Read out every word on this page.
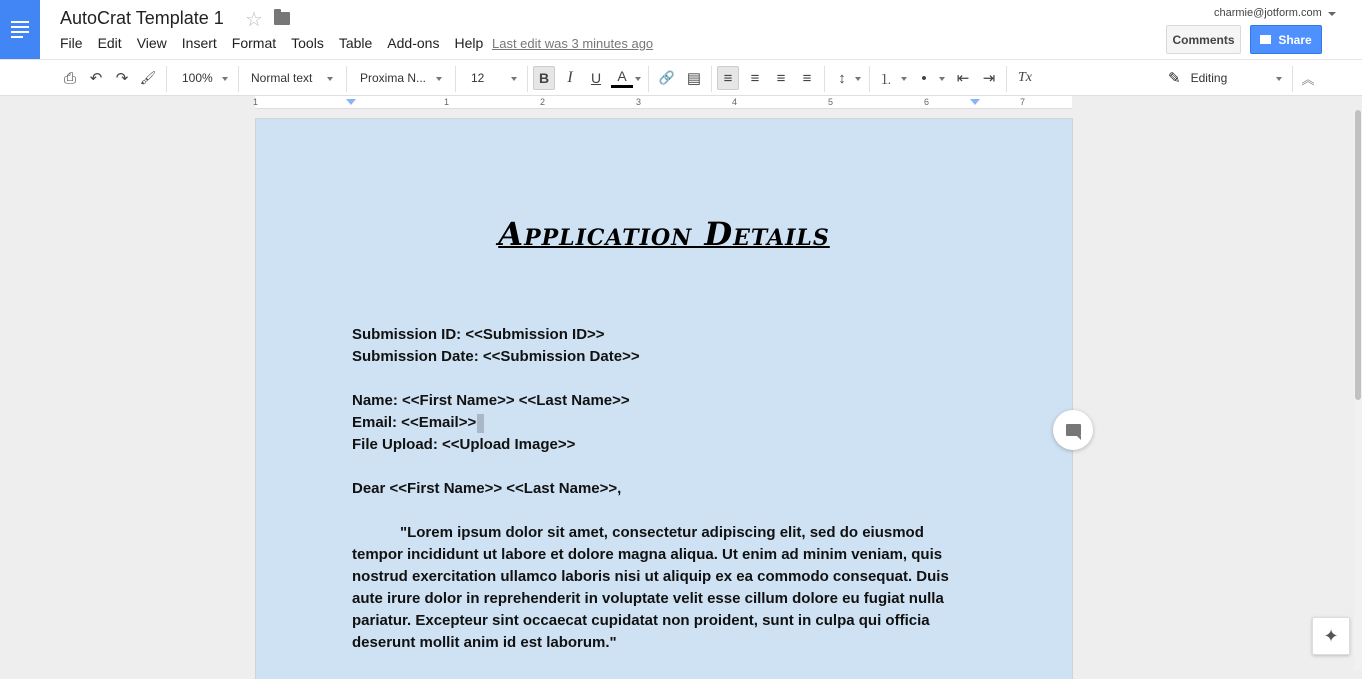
AutoCrat Template 1 ☆
File Edit View Insert Format Tools Table Add-ons Help Last edit was 3 minutes ago
charmie@jotform.com
Comments	Share
⎙ ↶ ↷ 🖌 100%	Normal text	Proxima N...	12	B	I	U	A 🔗 ▤	≡	≡	≡	≡	↕	⒈	•	⇤ ⇥	Tx	✎ Editing	︽
1	1	2	3	4	5	6	7
Application Details
Submission ID: <<Submission ID>>
Submission Date: <<Submission Date>>
Name: <<First Name>> <<Last Name>>
Email: <<Email>>
File Upload: <<Upload Image>>
Dear <<First Name>> <<Last Name>>,
"Lorem ipsum dolor sit amet, consectetur adipiscing elit, sed do eiusmod tempor incididunt ut labore et dolore magna aliqua. Ut enim ad minim veniam, quis nostrud exercitation ullamco laboris nisi ut aliquip ex ea commodo consequat. Duis aute irure dolor in reprehenderit in voluptate velit esse cillum dolore eu fugiat nulla pariatur. Excepteur sint occaecat cupidatat non proident, sunt in culpa qui officia deserunt mollit anim id est laborum."	✦
